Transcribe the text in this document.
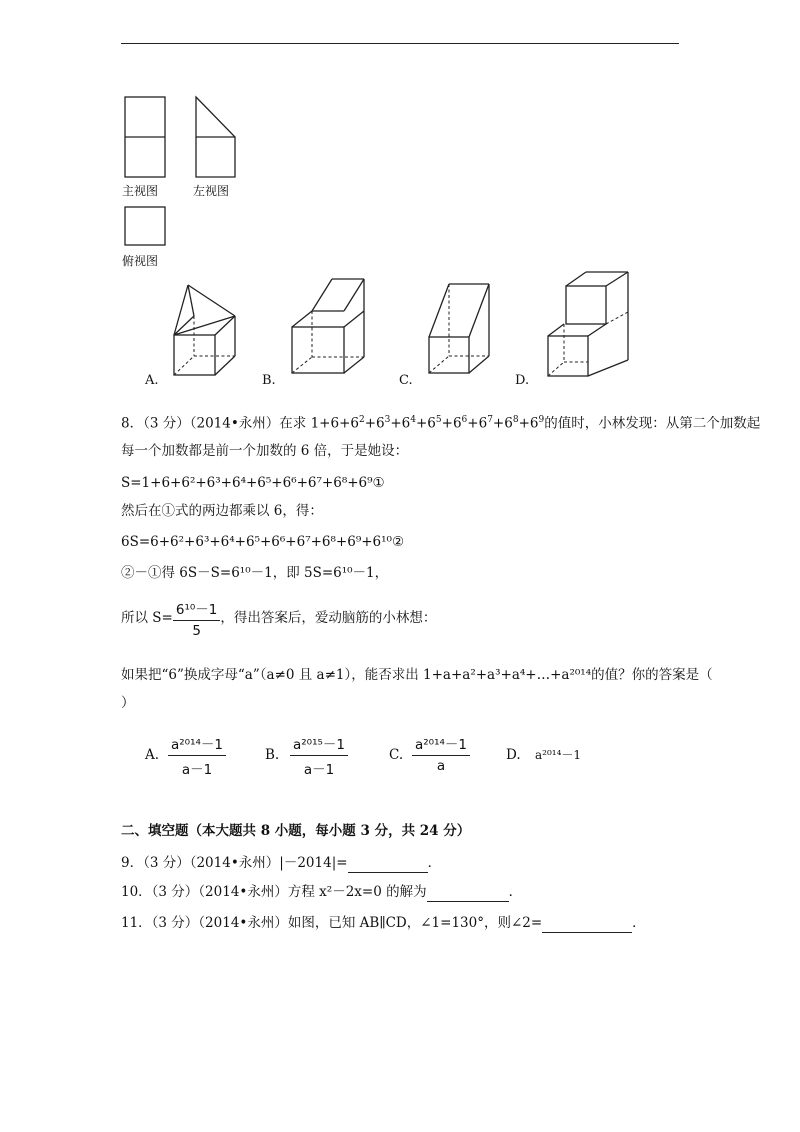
主视图	左视图
俯视图
A.	B.	C.	D.
8．（3 分）（2014•永州）在求 $1+6+6^2+6^3+6^4+6^5+6^6+6^7+6^8+6^9$的值时，小林发现：从第二个加数起
每一个加数都是前一个加数的 6 倍，于是她设：
S=1+6+6²+6³+6⁴+6⁵+6⁶+6⁷+6⁸+6⁹①
然后在①式的两边都乘以 6，得：
6S=6+6²+6³+6⁴+6⁵+6⁶+6⁷+6⁸+6⁹+6¹⁰②
②－①得 6S－S=6¹⁰－1，即 5S=6¹⁰－1，
所以 $S= \frac{\text{6¹⁰－1}}{5}$ ，得出答案后，爱动脑筋的小林想：
如果把“6”换成字母“a”（a≠0 且 a≠1），能否求出 1+a+a²+a³+a⁴+…+a²⁰¹⁴的值？你的答案是（
）
A. $\frac{\text{a²⁰¹⁴－1}}{a-1}$	B. $\frac{\text{a²⁰¹⁵－1}}{a-1}$	C. $\frac{\text{a²⁰¹⁴－1}}{a}$	D. a²⁰¹⁴－1
二、填空题（本大题共 8 小题，每小题 3 分，共 24 分）
9．（3 分）（2014•永州）|－2014|=	．
10．（3 分）（2014•永州）方程 x²－2x=0 的解为	．
11．（3 分）（2014•永州）如图，已知 AB∥CD，∠1=130°，则∠2=	．
